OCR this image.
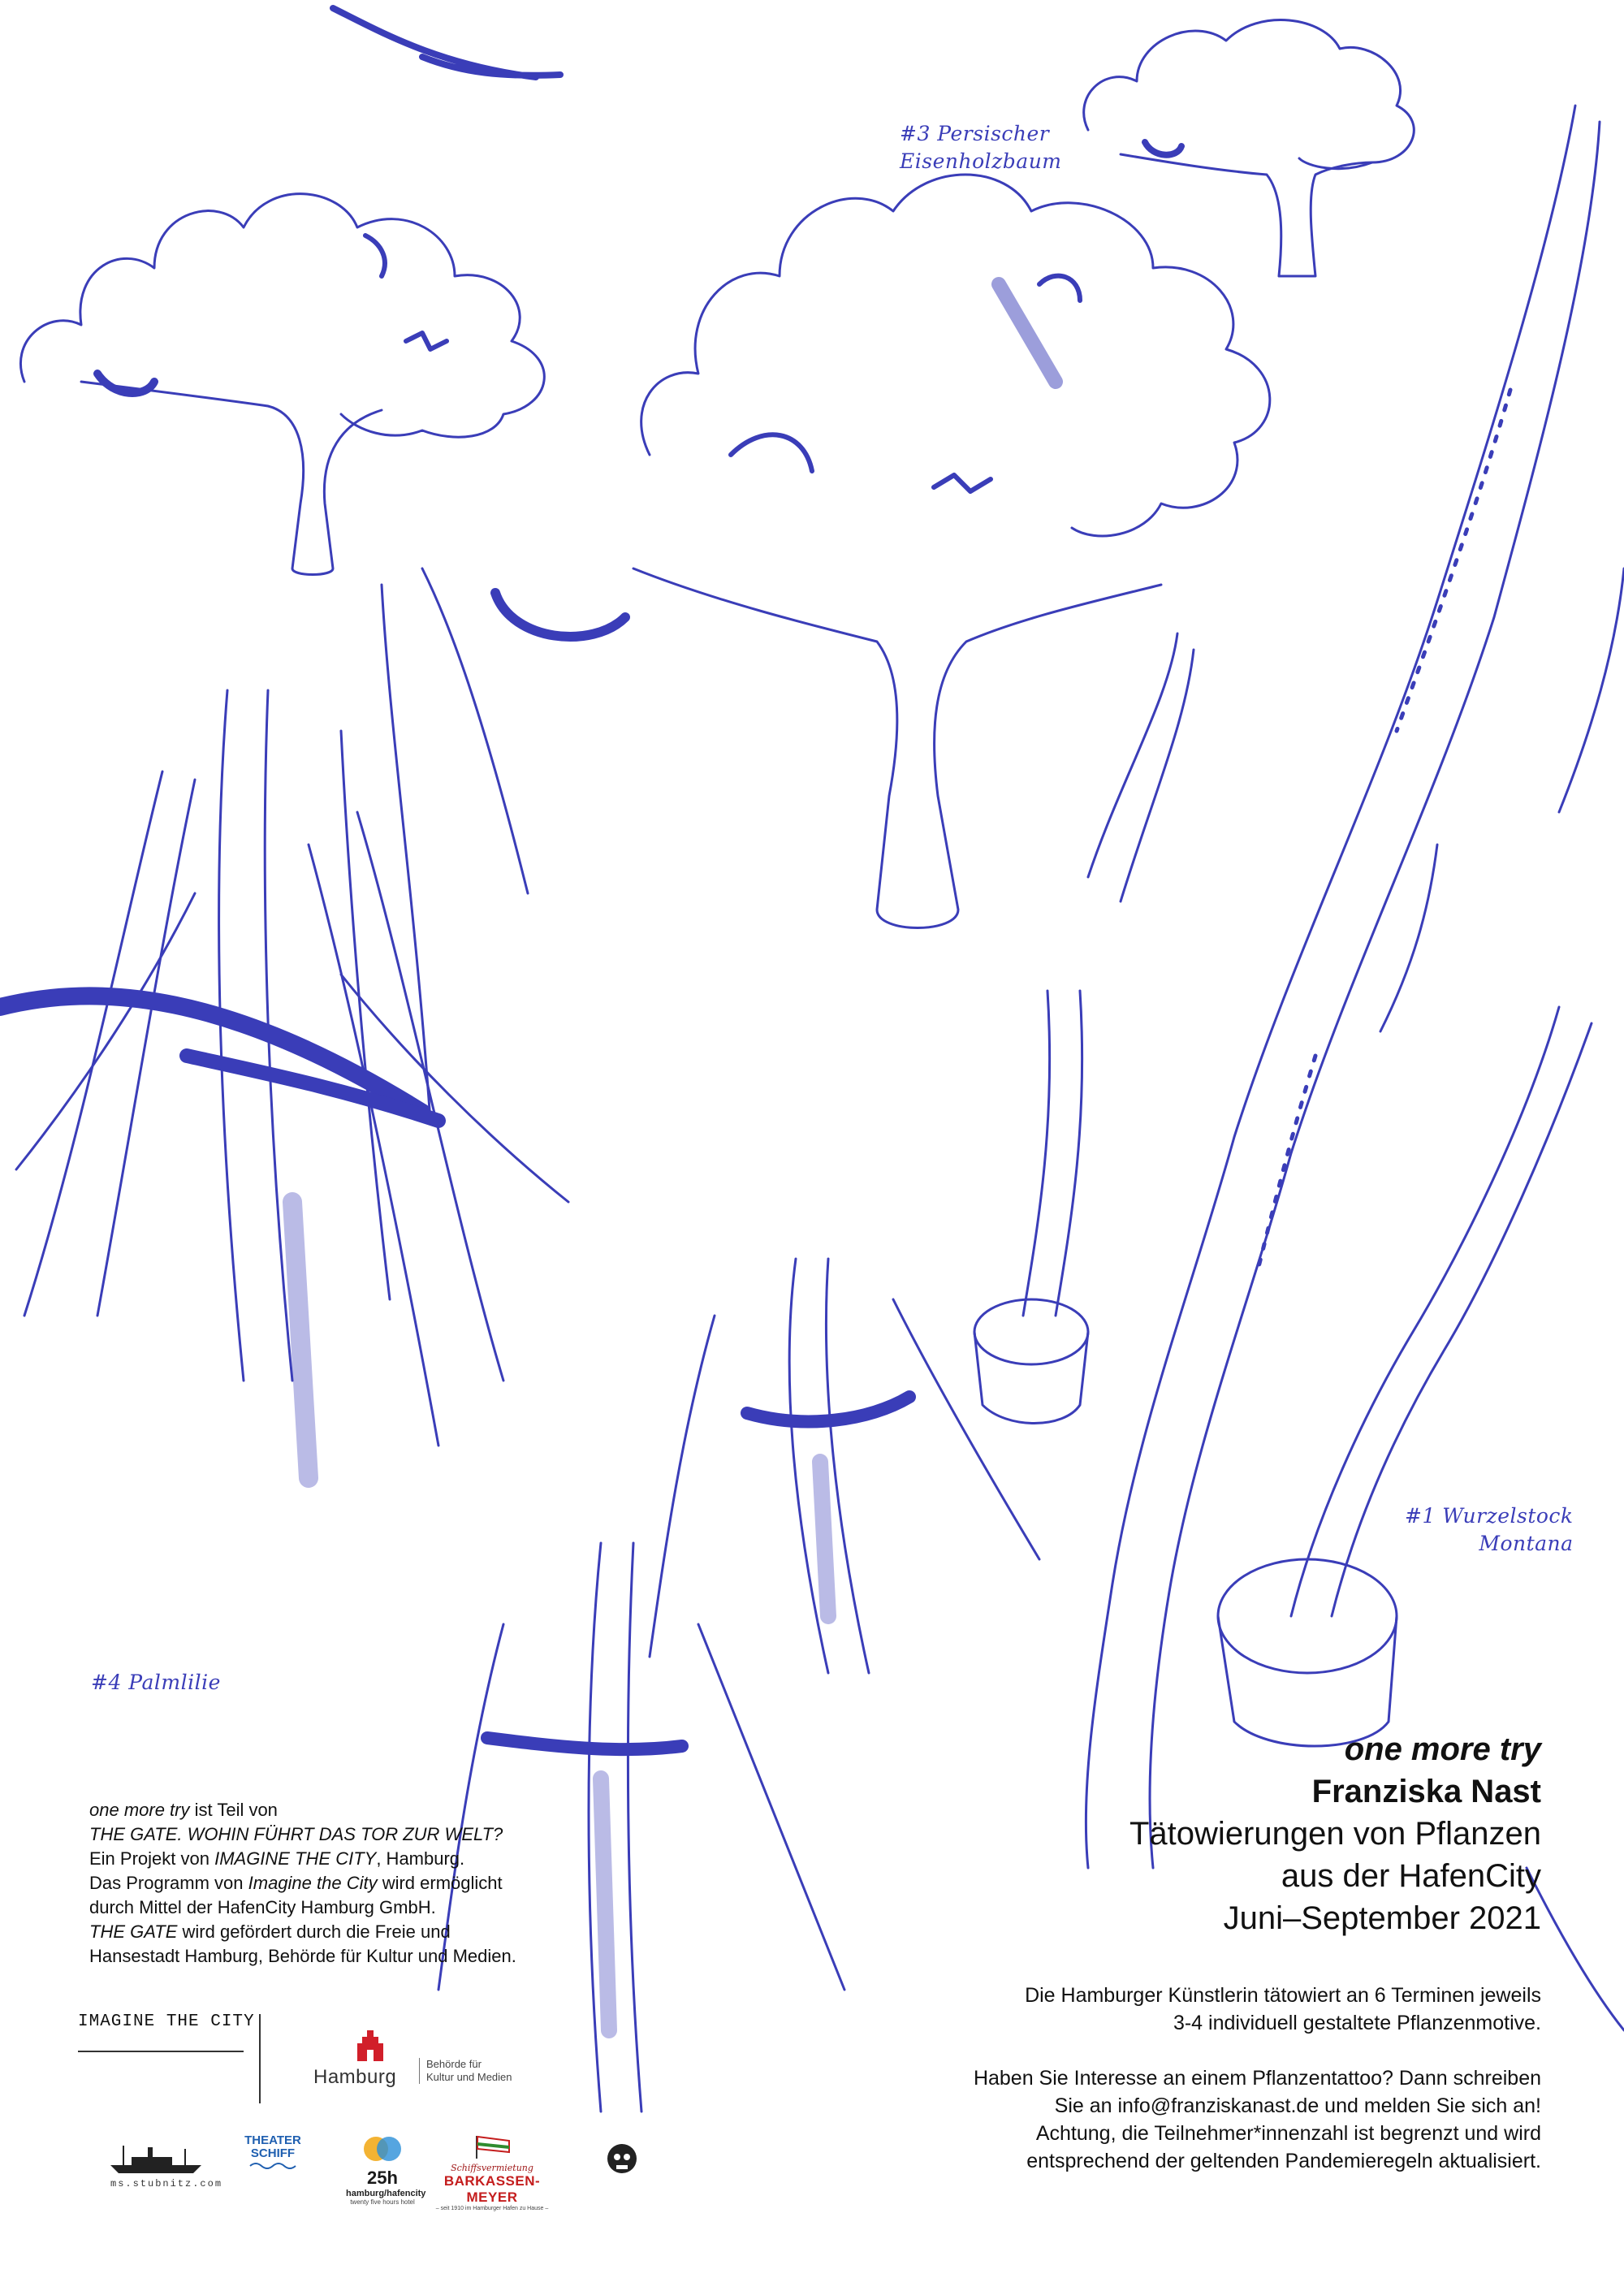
#3 Persischer
Eisenholzbaum
#1 Wurzelstock
Montana
#4 Palmlilie
one more try
Franziska Nast
Tätowierungen von Pflanzen
aus der HafenCity
Juni–September 2021

Die Hamburger Künstlerin tätowiert an 6 Terminen jeweils
3-4 individuell gestaltete Pflanzenmotive.

Haben Sie Interesse an einem Pflanzentattoo? Dann schreiben
Sie an info@franziskanast.de und melden Sie sich an!
Achtung, die Teilnehmer*innenzahl ist begrenzt und wird
entsprechend der geltenden Pandemieregeln aktualisiert.

one more try ist Teil von
THE GATE. WOHIN FÜHRT DAS TOR ZUR WELT?
Ein Projekt von IMAGINE THE CITY, Hamburg.
Das Programm von Imagine the City wird ermöglicht
durch Mittel der HafenCity Hamburg GmbH.
THE GATE wird gefördert durch die Freie und
Hansestadt Hamburg, Behörde für Kultur und Medien.
IMAGINE THE CITY
Hamburg
Behörde für
Kultur und Medien
ms.stubnitz.com
THEATER
SCHIFF
25h
hamburg/hafencity
twenty five hours hotel
Schiffsvermietung
BARKASSEN-MEYER
– seit 1910 im Hamburger Hafen zu Hause –
